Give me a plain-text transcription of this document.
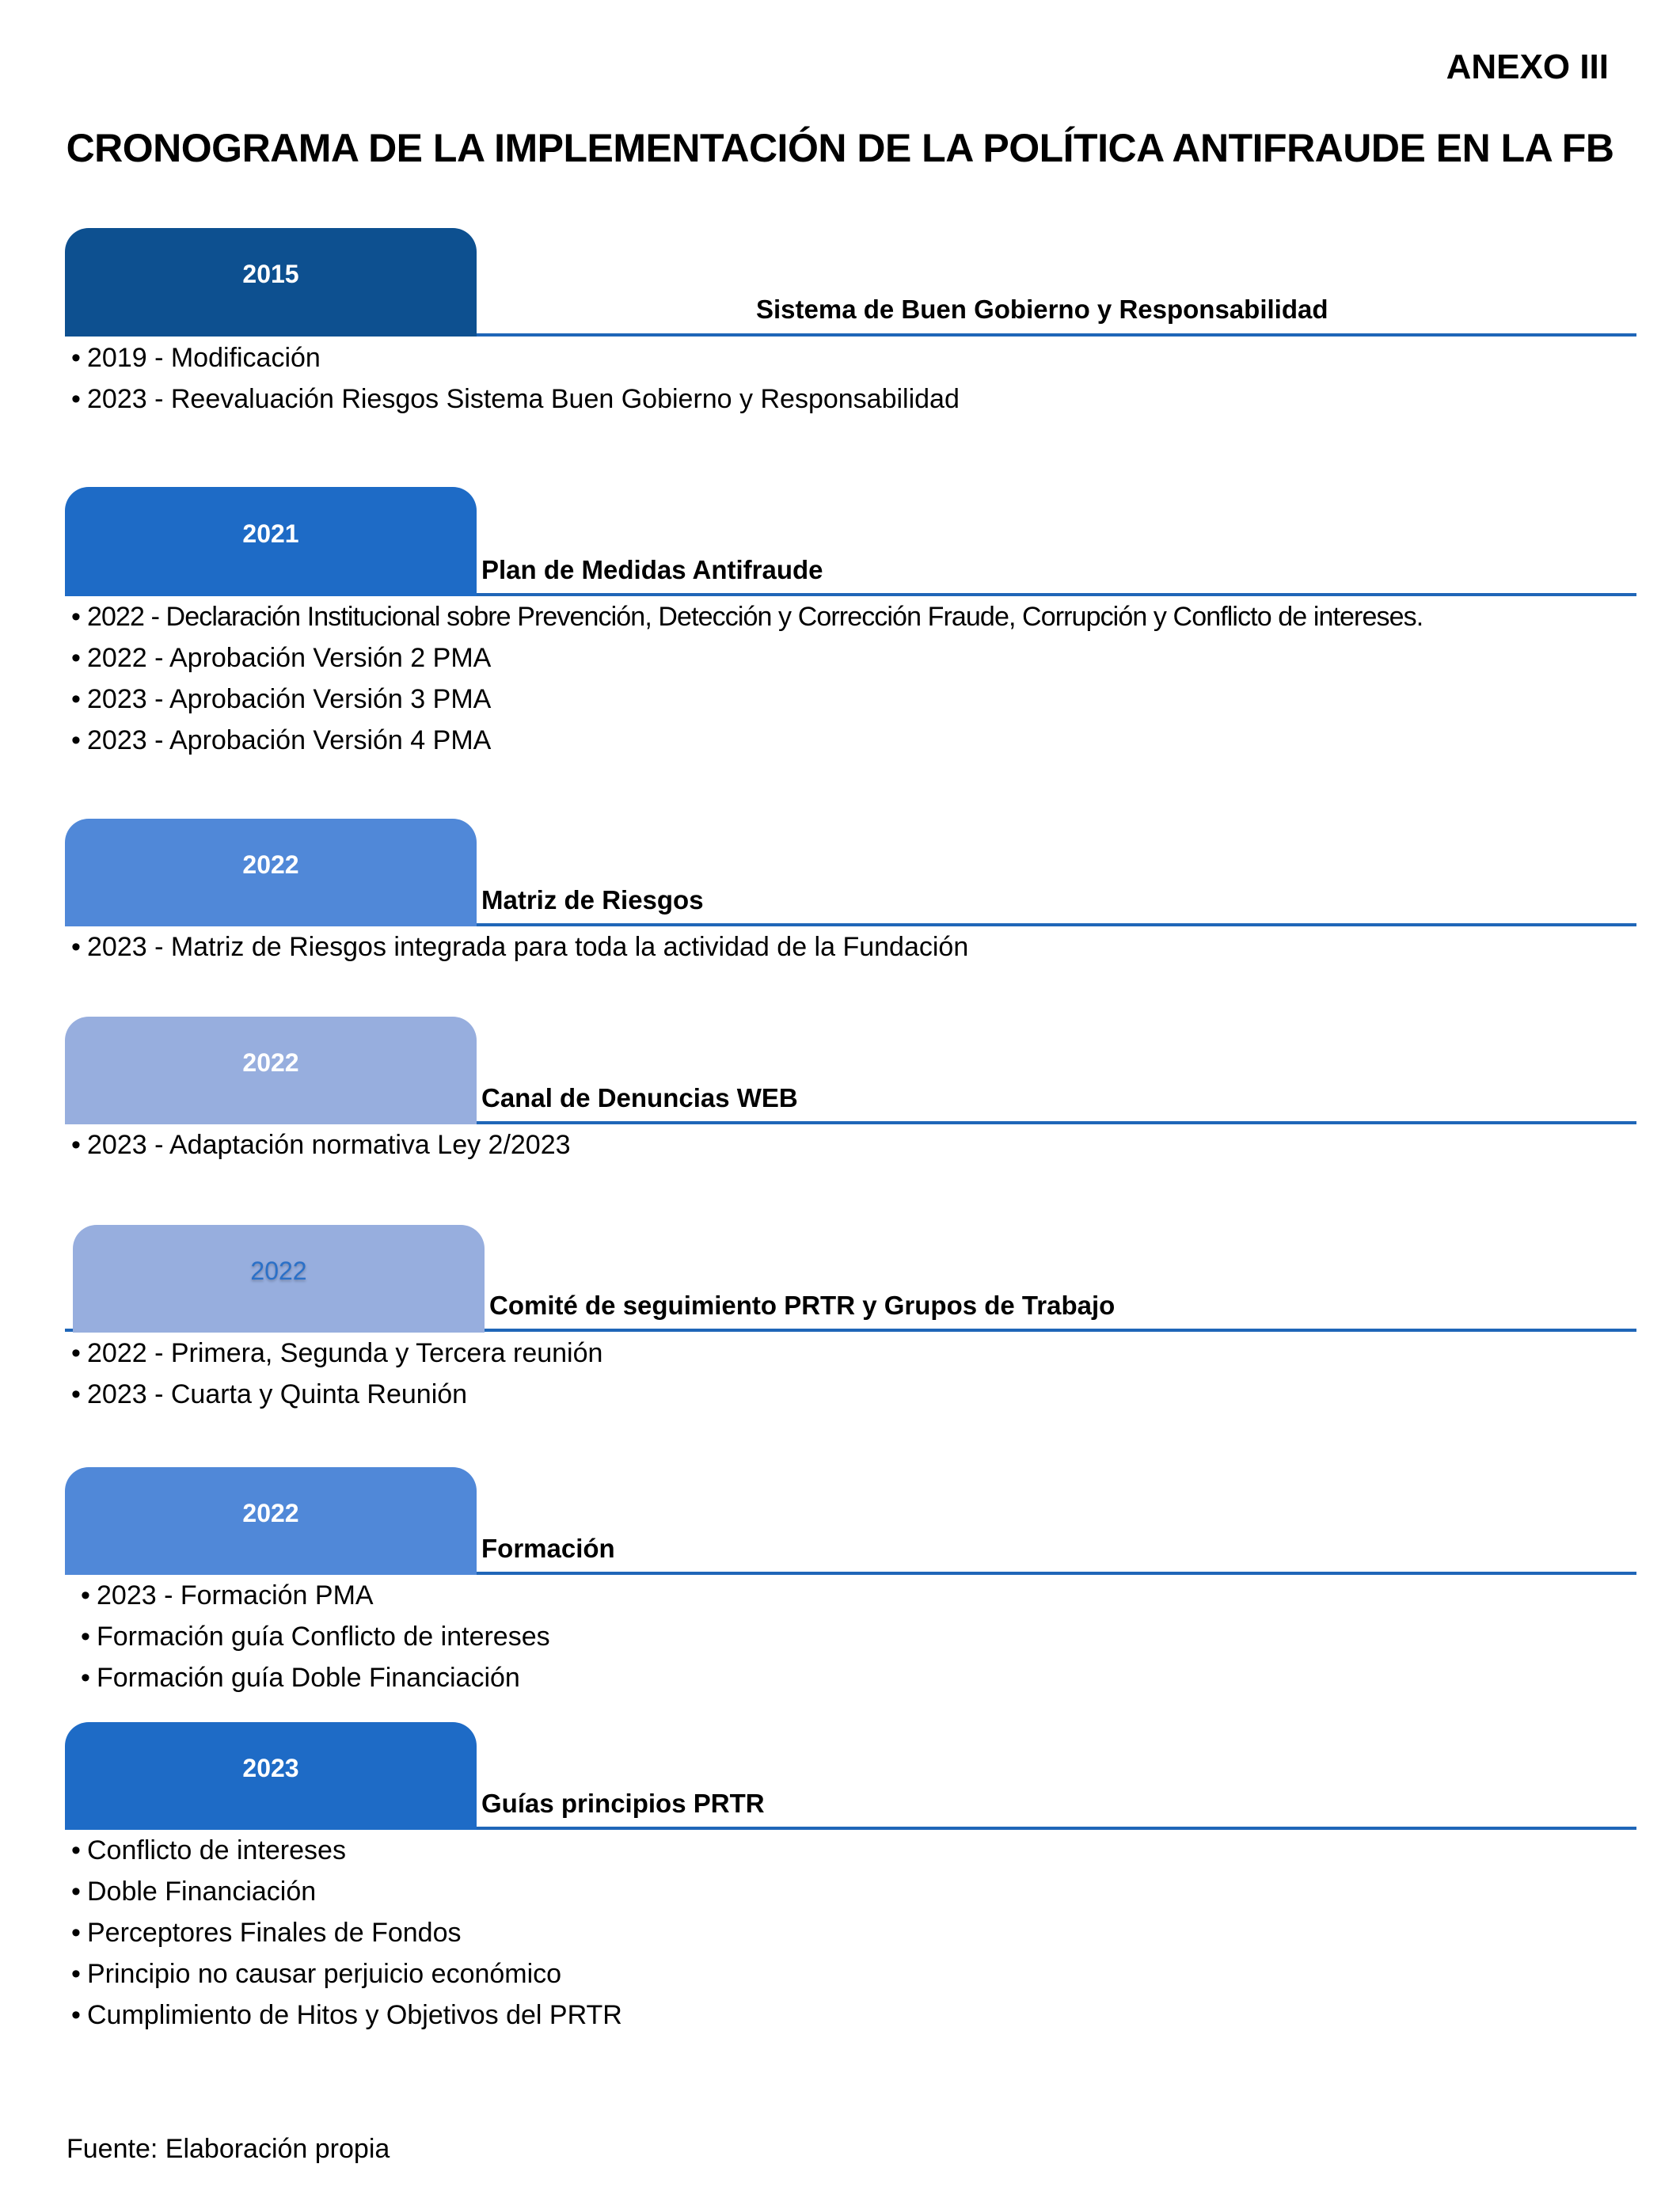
ANEXO III
CRONOGRAMA DE LA IMPLEMENTACIÓN DE LA POLÍTICA ANTIFRAUDE EN LA FB
2015
Sistema de Buen Gobierno y Responsabilidad
• 2019 - Modificación
• 2023 - Reevaluación Riesgos Sistema Buen Gobierno y Responsabilidad
2021
Plan de Medidas Antifraude
• 2022 - Declaración Institucional sobre Prevención, Detección y Corrección Fraude, Corrupción y Conflicto de intereses.
• 2022 - Aprobación Versión 2 PMA
• 2023 - Aprobación Versión 3 PMA
• 2023 - Aprobación Versión 4 PMA
2022
Matriz de Riesgos
• 2023 - Matriz de Riesgos integrada para toda la actividad de la Fundación
2022
Canal de Denuncias WEB
• 2023 - Adaptación normativa Ley 2/2023
2022
Comité de seguimiento PRTR y Grupos de Trabajo
• 2022 - Primera, Segunda y Tercera reunión
• 2023 - Cuarta y Quinta Reunión
2022
Formación
• 2023 - Formación PMA
• Formación guía Conflicto de intereses
• Formación guía Doble Financiación
2023
Guías principios PRTR
• Conflicto de intereses
• Doble Financiación
• Perceptores Finales de Fondos
• Principio no causar perjuicio económico
• Cumplimiento de Hitos y Objetivos del PRTR
Fuente: Elaboración propia
